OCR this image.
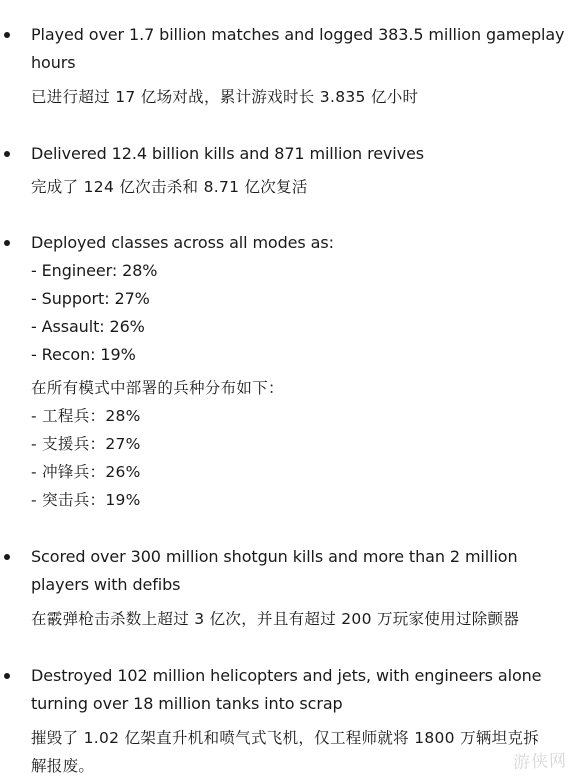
Played over 1.7 billion matches and logged 383.5 million gameplay
hours
已进行超过 17 亿场对战，累计游戏时长 3.835 亿小时
Delivered 12.4 billion kills and 871 million revives
完成了 124 亿次击杀和 8.71 亿次复活
Deployed classes across all modes as:
- Engineer: 28%
- Support: 27%
- Assault: 26%
- Recon: 19%
在所有模式中部署的兵种分布如下：
- 工程兵：28%
- 支援兵：27%
- 冲锋兵：26%
- 突击兵：19%
Scored over 300 million shotgun kills and more than 2 million
players with defibs
在霰弹枪击杀数上超过 3 亿次，并且有超过 200 万玩家使用过除颤器
Destroyed 102 million helicopters and jets, with engineers alone
turning over 18 million tanks into scrap
摧毁了 1.02 亿架直升机和喷气式飞机，仅工程师就将 1800 万辆坦克拆
解报废。	游侠网
